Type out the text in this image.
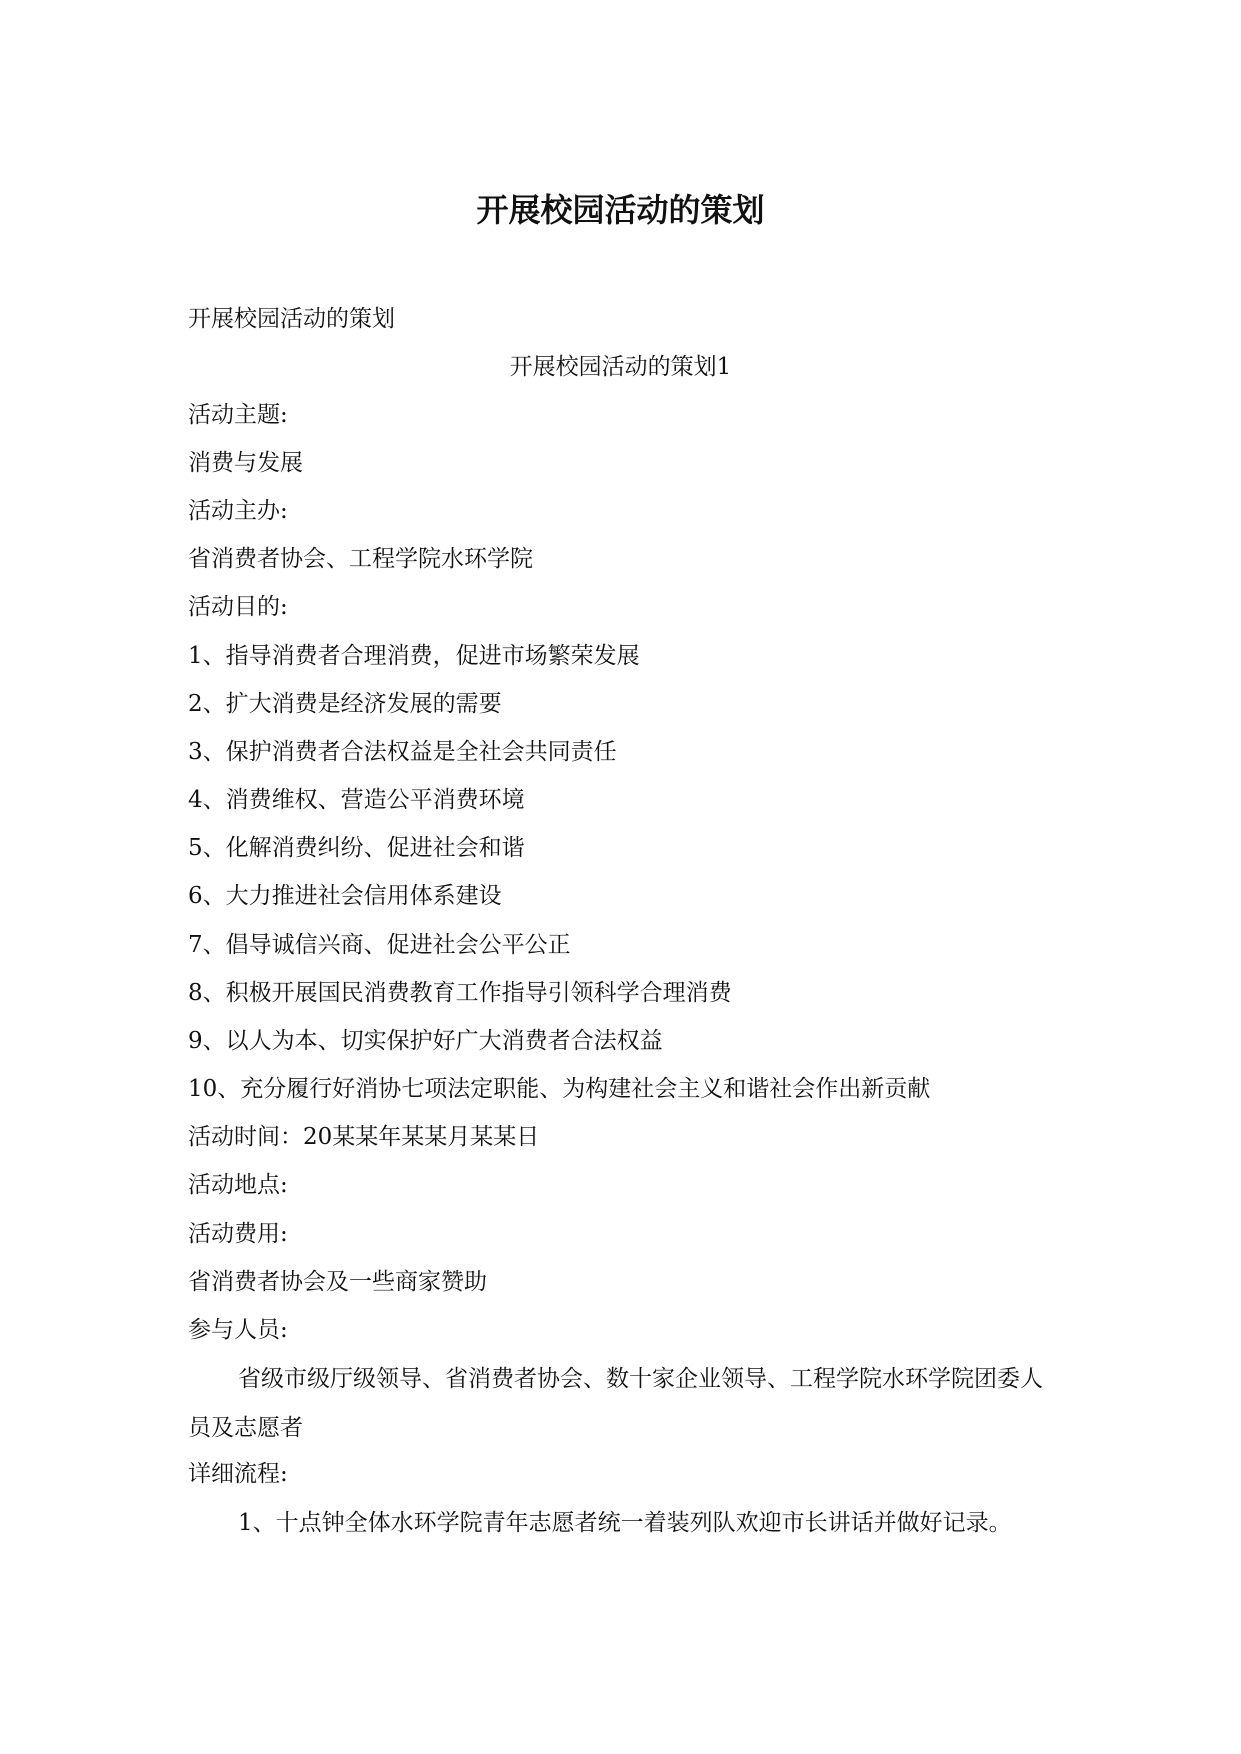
开展校园活动的策划
开展校园活动的策划
开展校园活动的策划1
活动主题:
消费与发展
活动主办:
省消费者协会、工程学院水环学院
活动目的:
1、指导消费者合理消费，促进市场繁荣发展
2、扩大消费是经济发展的需要
3、保护消费者合法权益是全社会共同责任
4、消费维权、营造公平消费环境
5、化解消费纠纷、促进社会和谐
6、大力推进社会信用体系建设
7、倡导诚信兴商、促进社会公平公正
8、积极开展国民消费教育工作指导引领科学合理消费
9、以人为本、切实保护好广大消费者合法权益
10、充分履行好消协七项法定职能、为构建社会主义和谐社会作出新贡献
活动时间：20某某年某某月某某日
活动地点:
活动费用:
省消费者协会及一些商家赞助
参与人员:
省级市级厅级领导、省消费者协会、数十家企业领导、工程学院水环学院团委人员及志愿者
详细流程:
1、十点钟全体水环学院青年志愿者统一着装列队欢迎市长讲话并做好记录。
